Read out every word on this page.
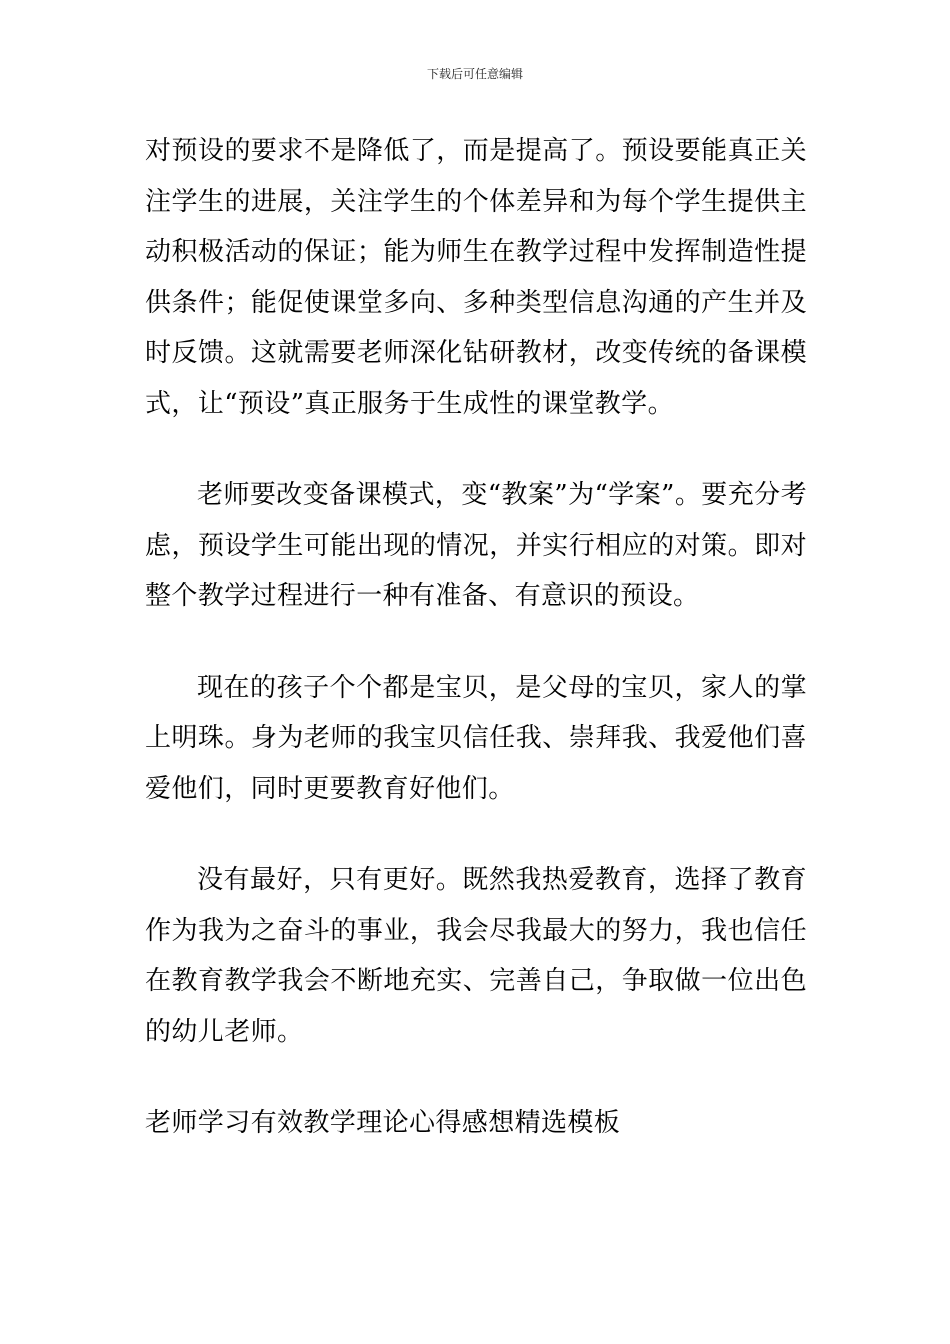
下载后可任意编辑

对预设的要求不是降低了，而是提高了。预设要能真正关注学生的进展，关注学生的个体差异和为每个学生提供主动积极活动的保证；能为师生在教学过程中发挥制造性提供条件；能促使课堂多向、多种类型信息沟通的产生并及时反馈。这就需要老师深化钻研教材，改变传统的备课模式，让“预设”真正服务于生成性的课堂教学。

老师要改变备课模式，变“教案”为“学案”。要充分考虑，预设学生可能出现的情况，并实行相应的对策。即对整个教学过程进行一种有准备、有意识的预设。

现在的孩子个个都是宝贝，是父母的宝贝，家人的掌上明珠。身为老师的我宝贝信任我、崇拜我、我爱他们喜爱他们，同时更要教育好他们。

没有最好，只有更好。既然我热爱教育，选择了教育作为我为之奋斗的事业，我会尽我最大的努力，我也信任在教育教学我会不断地充实、完善自己，争取做一位出色的幼儿老师。

老师学习有效教学理论心得感想精选模板
